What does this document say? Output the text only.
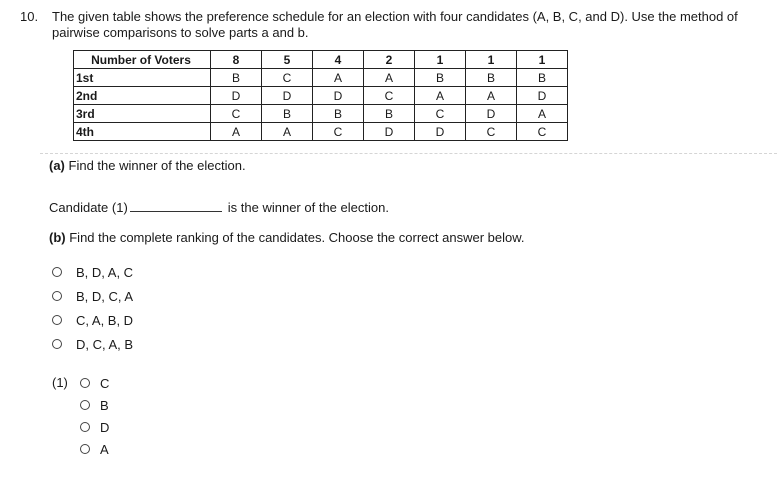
10. The given table shows the preference schedule for an election with four candidates (A, B, C, and D). Use the method of pairwise comparisons to solve parts a and b.
Number of Voters	8	5	4	2	1	1	1
1st	B	C	A	A	B	B	B
2nd	D	D	D	C	A	A	D
3rd	C	B	B	B	C	D	A
4th	A	A	C	D	D	C	C
(a) Find the winner of the election.
Candidate (1)	is the winner of the election.
(b) Find the complete ranking of the candidates. Choose the correct answer below.
B, D, A, C
B, D, C, A
C, A, B, D
D, C, A, B
(1) C
B
D
A
